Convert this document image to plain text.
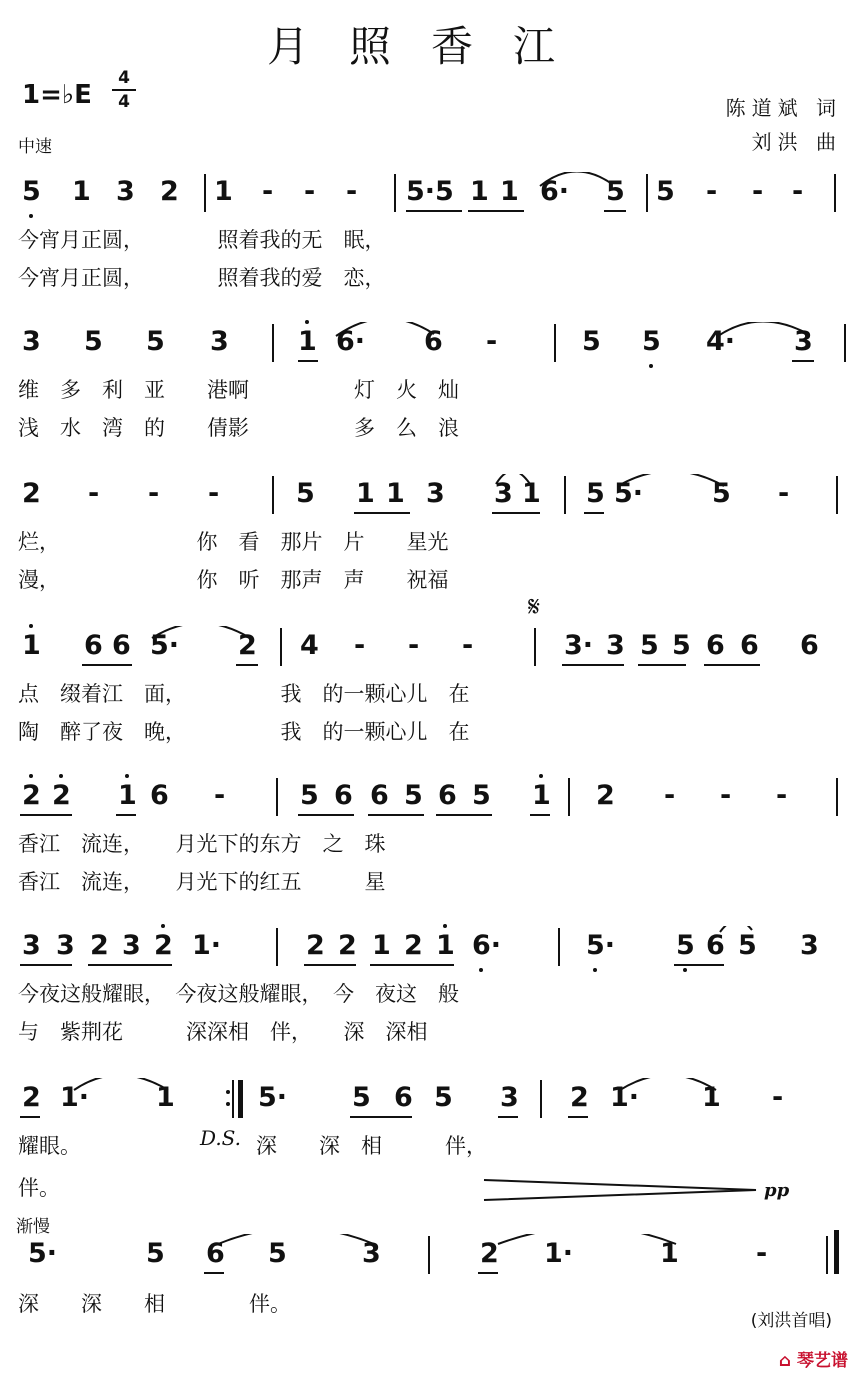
月照香江
1=♭E
4
4
中速
陈道斌 词
刘洪 曲
5 1 3 2 1 - - - 5·5 1 1 6· 5 5 - - -
今宵月正圆，　　　　照着我的无　眠，
今宵月正圆，　　　　照着我的爱　恋，
3 5 5 3	1 6· 6 -	5 5 4· 3
维　多　利　亚　　港啊　　　　　灯　火　灿
浅　水　湾　的　　倩影　　　　　多　么　浪
2 - - -	5 1 1 3 3 1 5 5·	5 -
烂，　　　　　　　你　看　那片　片　　星光
漫，　　　　　　　你　听　那声　声　　祝福
𝄋
1 6 6 5· 2 4 - - -	3· 3 5 5 6 6 6
点　缀着江　面，　　　　　我　的一颗心儿　在
陶　醉了夜　晚，　　　　　我　的一颗心儿　在
2 2 1 6 -	5 6 6 5 6 5 1 2 - - -
香江　流连，　　月光下的东方　之　珠
香江　流连，　　月光下的红五　　　星
3 3 2 3 2 1·	2 2 1 2 1 6·	5· 5 6 5 3
今夜这般耀眼，　今夜这般耀眼，　今　夜这　般
与　紫荆花　　　深深相　伴，　　深　深相
2 1· 1	5· 5 6 5 3 2 1· 1 -
耀眼。	D.S. 深　　深　相　　　伴，
伴。	pp
渐慢
5·	5 6 5	3	2 1·	1	-
深　　深　　相　　　　伴。
(刘洪首唱)
⌂ 琴艺谱
